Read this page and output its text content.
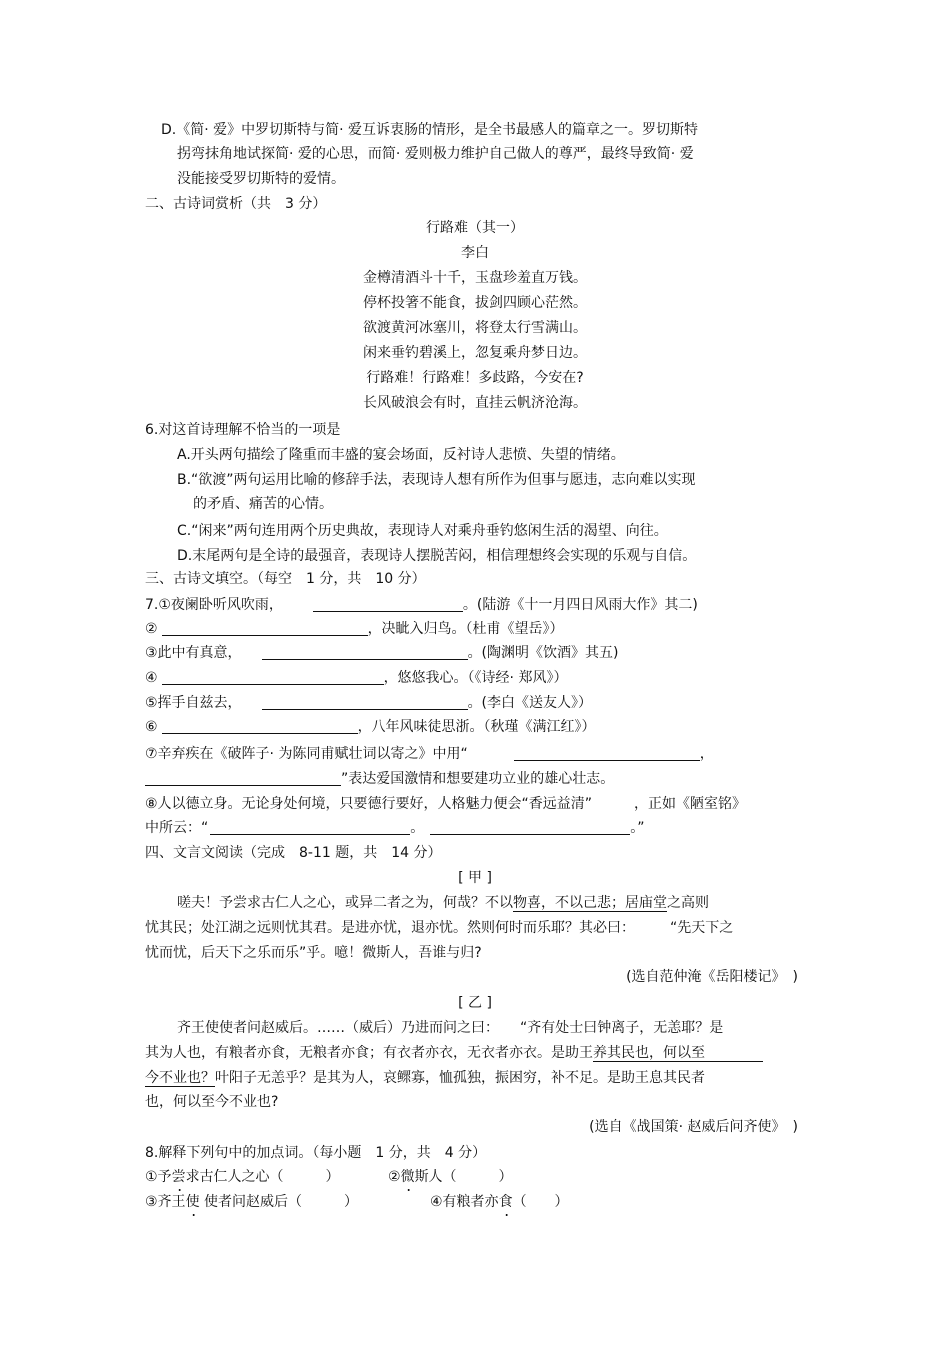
D.《简· 爱》中罗切斯特与简· 爱互诉衷肠的情形，是全书最感人的篇章之一。罗切斯特
拐弯抹角地试探简· 爱的心思，而简· 爱则极力维护自己做人的尊严，最终导致简· 爱
没能接受罗切斯特的爱情。
二、古诗词赏析（共　3 分）
行路难（其一）
李白
金樽清酒斗十千，玉盘珍羞直万钱。
停杯投箸不能食，拔剑四顾心茫然。
欲渡黄河冰塞川，将登太行雪满山。
闲来垂钓碧溪上，忽复乘舟梦日边。
行路难！行路难！多歧路，今安在?
长风破浪会有时，直挂云帆济沧海。
6.对这首诗理解不恰当的一项是
A.开头两句描绘了隆重而丰盛的宴会场面，反衬诗人悲愤、失望的情绪。
B.“欲渡”两句运用比喻的修辞手法，表现诗人想有所作为但事与愿违，志向难以实现
的矛盾、痛苦的心情。
C.“闲来”两句连用两个历史典故，表现诗人对乘舟垂钓悠闲生活的渴望、向往。
D.末尾两句是全诗的最强音，表现诗人摆脱苦闷，相信理想终会实现的乐观与自信。
三、古诗文填空。（每空　1 分，共　10 分）
7.①夜阑卧听风吹雨，	。(陆游《十一月四日风雨大作》其二)
②	，决眦入归鸟。（杜甫《望岳》）
③此中有真意，	。(陶渊明《饮酒》其五)
④	，悠悠我心。（《诗经· 郑风》）
⑤挥手自兹去，	。(李白《送友人》）
⑥	，八年风味徒思浙。（秋瑾《满江红》）
⑦辛弃疾在《破阵子· 为陈同甫赋壮词以寄之》中用“	，
”表达爱国激情和想要建功立业的雄心壮志。
⑧人以德立身。无论身处何境，只要德行要好，人格魅力便会“香远益清”　　　，正如《陋室铭》
中所云：“	。	。”
四、文言文阅读（完成　8-11 题，共　14 分）
[ 甲 ]
嗟夫！予尝求古仁人之心，或异二者之为，何哉？不以物喜，不以己悲；居庙堂之高则
忧其民；处江湖之远则忧其君。是进亦忧，退亦忧。然则何时而乐耶？其必曰：　　　“先天下之
忧而忧，后天下之乐而乐”乎。噫！微斯人，吾谁与归?
(选自范仲淹《岳阳楼记》　)
[ 乙 ]
齐王使使者问赵威后。……（威后）乃进而问之曰：　　“齐有处士曰钟离子，无恙耶？是
其为人也，有粮者亦食，无粮者亦食；有衣者亦衣，无衣者亦衣。是助王养其民也，何以至
今不业也？叶阳子无恙乎？是其为人，哀鳏寡，恤孤独，振困穷，补不足。是助王息其民者
也，何以至今不业也?
(选自《战国策· 赵威后问齐使》　)
8.解释下列句中的加点词。（每小题　1 分，共　4 分）
①予尝求古仁人之心（　　　）	②微斯人（　　　）
③齐王使 使者问赵威后（　　　）	④有粮者亦食（　　）
